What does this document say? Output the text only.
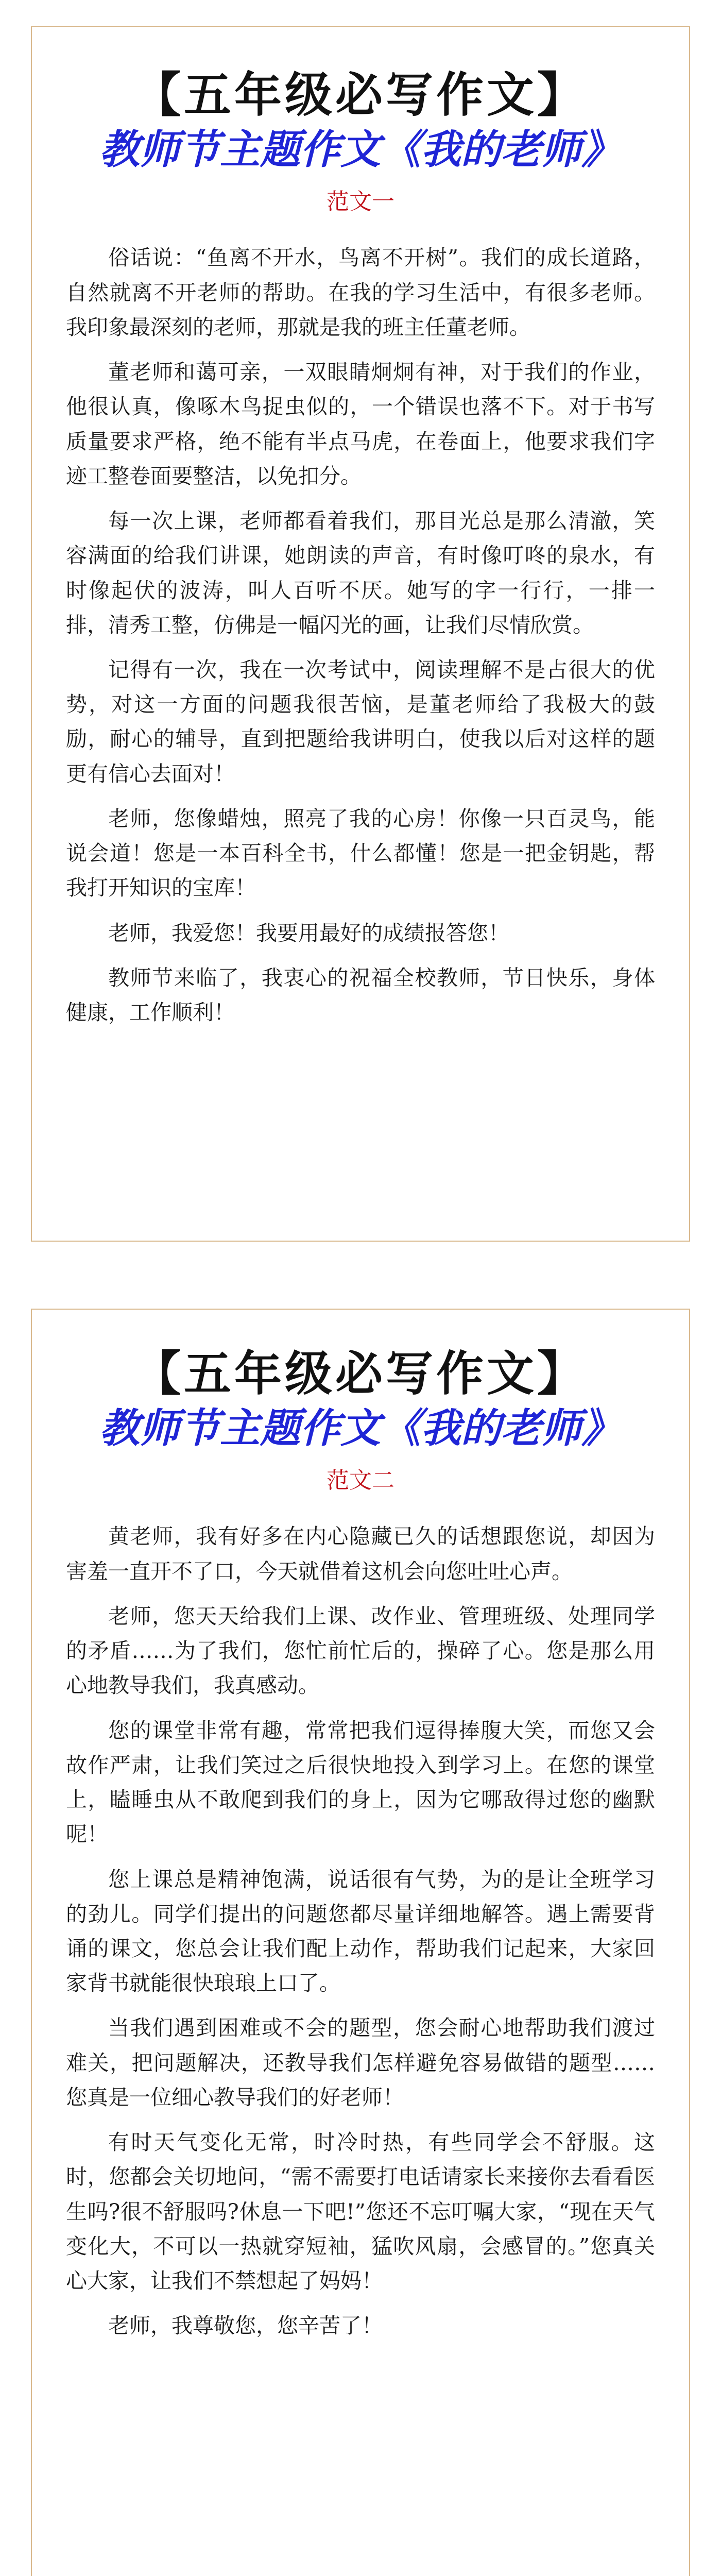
【五年级必写作文】
教师节主题作文《我的老师》
范文一

俗话说：“鱼离不开水，鸟离不开树”。我们的成长道路，自然就离不开老师的帮助。在我的学习生活中，有很多老师。我印象最深刻的老师，那就是我的班主任董老师。

董老师和蔼可亲，一双眼睛炯炯有神，对于我们的作业，他很认真，像啄木鸟捉虫似的，一个错误也落不下。对于书写质量要求严格，绝不能有半点马虎，在卷面上，他要求我们字迹工整卷面要整洁，以免扣分。

每一次上课，老师都看着我们，那目光总是那么清澈，笑容满面的给我们讲课，她朗读的声音，有时像叮咚的泉水，有时像起伏的波涛，叫人百听不厌。她写的字一行行，一排一排，清秀工整，仿佛是一幅闪光的画，让我们尽情欣赏。

记得有一次，我在一次考试中，阅读理解不是占很大的优势，对这一方面的问题我很苦恼，是董老师给了我极大的鼓励，耐心的辅导，直到把题给我讲明白，使我以后对这样的题更有信心去面对！

老师，您像蜡烛，照亮了我的心房！你像一只百灵鸟，能说会道！您是一本百科全书，什么都懂！您是一把金钥匙，帮我打开知识的宝库！

老师，我爱您！我要用最好的成绩报答您！

教师节来临了，我衷心的祝福全校教师，节日快乐，身体健康，工作顺利！

【五年级必写作文】
教师节主题作文《我的老师》
范文二

黄老师，我有好多在内心隐藏已久的话想跟您说，却因为害羞一直开不了口，今天就借着这机会向您吐吐心声。

老师，您天天给我们上课、改作业、管理班级、处理同学的矛盾……为了我们，您忙前忙后的，操碎了心。您是那么用心地教导我们，我真感动。

您的课堂非常有趣，常常把我们逗得捧腹大笑，而您又会故作严肃，让我们笑过之后很快地投入到学习上。在您的课堂上，瞌睡虫从不敢爬到我们的身上，因为它哪敌得过您的幽默呢！

您上课总是精神饱满，说话很有气势，为的是让全班学习的劲儿。同学们提出的问题您都尽量详细地解答。遇上需要背诵的课文，您总会让我们配上动作，帮助我们记起来，大家回家背书就能很快琅琅上口了。

当我们遇到困难或不会的题型，您会耐心地帮助我们渡过难关，把问题解决，还教导我们怎样避免容易做错的题型……您真是一位细心教导我们的好老师！

有时天气变化无常，时冷时热，有些同学会不舒服。这时，您都会关切地问，“需不需要打电话请家长来接你去看看医生吗?很不舒服吗?休息一下吧!”您还不忘叮嘱大家，“现在天气变化大，不可以一热就穿短袖，猛吹风扇，会感冒的。”您真关心大家，让我们不禁想起了妈妈！

老师，我尊敬您，您辛苦了！
